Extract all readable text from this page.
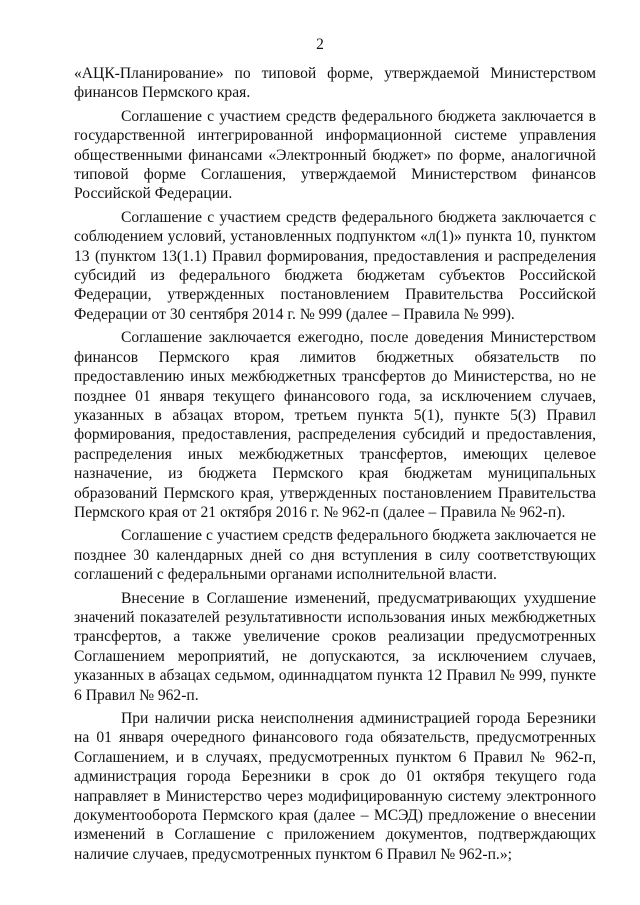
2

«АЦК-Планирование» по типовой форме, утверждаемой Министерством финансов Пермского края.

Соглашение с участием средств федерального бюджета заключается в государственной интегрированной информационной системе управления общественными финансами «Электронный бюджет» по форме, аналогичной типовой форме Соглашения, утверждаемой Министерством финансов Российской Федерации.

Соглашение с участием средств федерального бюджета заключается с соблюдением условий, установленных подпунктом «л(1)» пункта 10, пунктом 13 (пунктом 13(1.1) Правил формирования, предоставления и распределения субсидий из федерального бюджета бюджетам субъектов Российской Федерации, утвержденных постановлением Правительства Российской Федерации от 30 сентября 2014 г. № 999 (далее – Правила № 999).

Соглашение заключается ежегодно, после доведения Министерством финансов Пермского края лимитов бюджетных обязательств по предоставлению иных межбюджетных трансфертов до Министерства, но не позднее 01 января текущего финансового года, за исключением случаев, указанных в абзацах втором, третьем пункта 5(1), пункте 5(3) Правил формирования, предоставления, распределения субсидий и предоставления, распределения иных межбюджетных трансфертов, имеющих целевое назначение, из бюджета Пермского края бюджетам муниципальных образований Пермского края, утвержденных постановлением Правительства Пермского края от 21 октября 2016 г. № 962-п (далее – Правила № 962-п).

Соглашение с участием средств федерального бюджета заключается не позднее 30 календарных дней со дня вступления в силу соответствующих соглашений с федеральными органами исполнительной власти.

Внесение в Соглашение изменений, предусматривающих ухудшение значений показателей результативности использования иных межбюджетных трансфертов, а также увеличение сроков реализации предусмотренных Соглашением мероприятий, не допускаются, за исключением случаев, указанных в абзацах седьмом, одиннадцатом пункта 12 Правил № 999, пункте 6 Правил № 962-п.

При наличии риска неисполнения администрацией города Березники на 01 января очередного финансового года обязательств, предусмотренных Соглашением, и в случаях, предусмотренных пунктом 6 Правил № 962-п, администрация города Березники в срок до 01 октября текущего года направляет в Министерство через модифицированную систему электронного документооборота Пермского края (далее – МСЭД) предложение о внесении изменений в Соглашение с приложением документов, подтверждающих наличие случаев, предусмотренных пунктом 6 Правил № 962-п.»;
